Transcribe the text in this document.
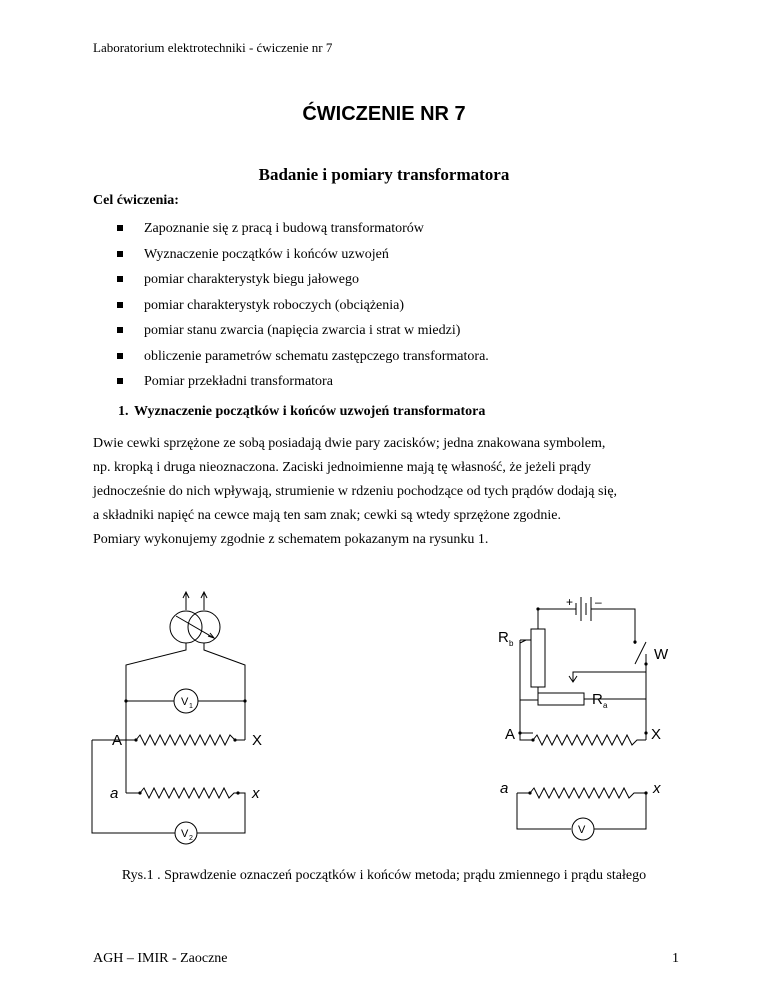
Laboratorium elektrotechniki - ćwiczenie nr 7
ĆWICZENIE NR 7
Badanie i pomiary transformatora
Cel ćwiczenia:
Zapoznanie się z pracą i budową transformatorów
Wyznaczenie początków i końców uzwojeń
pomiar charakterystyk biegu jałowego
pomiar charakterystyk roboczych (obciążenia)
pomiar stanu zwarcia (napięcia zwarcia i strat w miedzi)
obliczenie parametrów schematu zastępczego transformatora.
Pomiar przekładni transformatora
1. Wyznaczenie początków i końców uzwojeń transformatora

Dwie cewki sprzężone ze sobą posiadają dwie pary zacisków; jedna znakowana symbolem,

np. kropką i druga nieoznaczona. Zaciski jednoimienne mają tę własność, że jeżeli prądy

jednocześnie do nich wpływają, strumienie w rdzeniu pochodzące od tych prądów dodają się,

a składniki napięć na cewce mają ten sam znak; cewki są wtedy sprzężone zgodnie.

Pomiary wykonujemy zgodnie z schematem pokazanym na rysunku 1.

V 1
V 2
A	X
a	x
+ –
V
R b
W
R a
A	X
a	x
Rys.1 . Sprawdzenie oznaczeń początków i końców metoda; prądu zmiennego i prądu stałego
AGH – IMIR - Zaoczne	1
